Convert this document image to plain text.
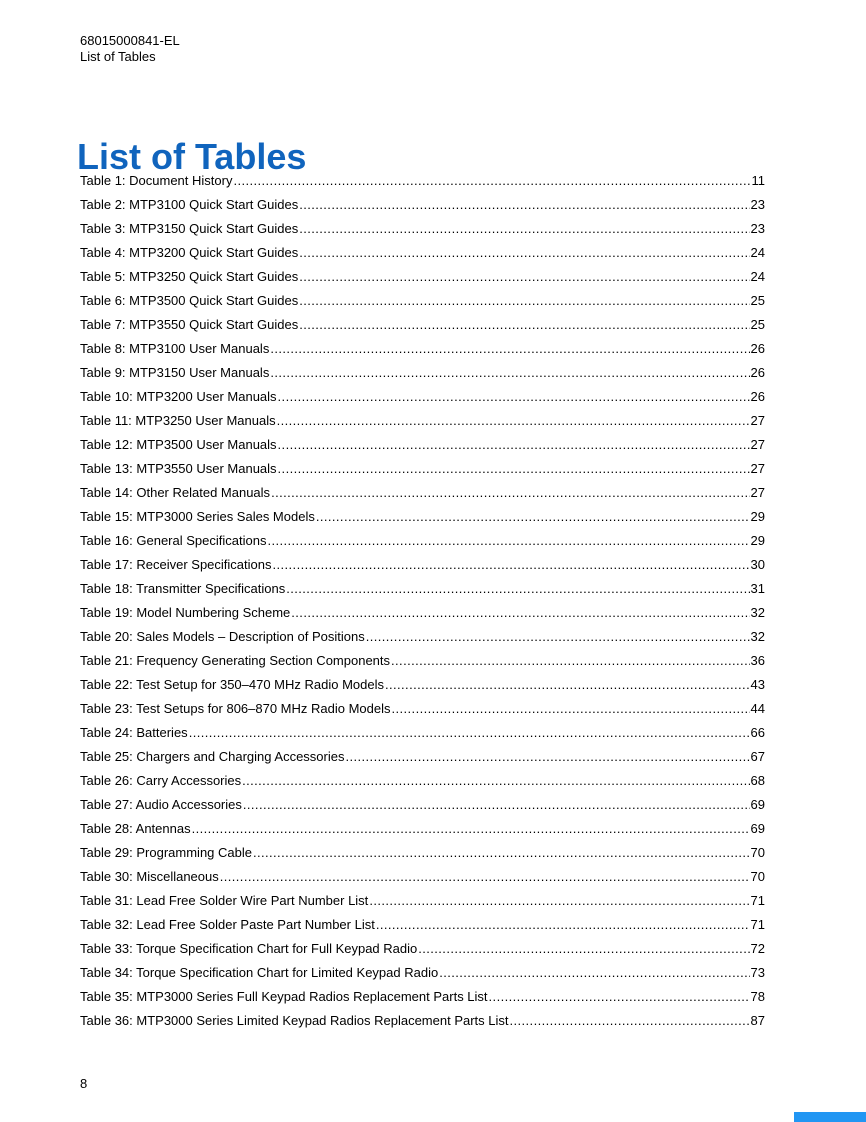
68015000841-EL
List of Tables
List of Tables
Table 1: Document History .....	11
Table 2: MTP3100 Quick Start Guides .....	23
Table 3: MTP3150 Quick Start Guides .....	23
Table 4: MTP3200 Quick Start Guides .....	24
Table 5: MTP3250 Quick Start Guides .....	24
Table 6: MTP3500 Quick Start Guides .....	25
Table 7: MTP3550 Quick Start Guides .....	25
Table 8: MTP3100 User Manuals .....	26
Table 9: MTP3150 User Manuals .....	26
Table 10: MTP3200 User Manuals .....	26
Table 11: MTP3250 User Manuals .....	27
Table 12: MTP3500 User Manuals .....	27
Table 13: MTP3550 User Manuals .....	27
Table 14: Other Related Manuals .....	27
Table 15: MTP3000 Series Sales Models .....	29
Table 16: General Specifications .....	29
Table 17: Receiver Specifications .....	30
Table 18: Transmitter Specifications .....	31
Table 19: Model Numbering Scheme .....	32
Table 20: Sales Models – Description of Positions .....	32
Table 21: Frequency Generating Section Components .....	36
Table 22: Test Setup for 350–470 MHz Radio Models .....	43
Table 23: Test Setups for 806–870 MHz Radio Models .....	44
Table 24: Batteries .....	66
Table 25: Chargers and Charging Accessories .....	67
Table 26: Carry Accessories .....	68
Table 27: Audio Accessories .....	69
Table 28: Antennas .....	69
Table 29: Programming Cable .....	70
Table 30: Miscellaneous .....	70
Table 31: Lead Free Solder Wire Part Number List .....	71
Table 32: Lead Free Solder Paste Part Number List .....	71
Table 33: Torque Specification Chart for Full Keypad Radio .....	72
Table 34: Torque Specification Chart for Limited Keypad Radio .....	73
Table 35: MTP3000 Series Full Keypad Radios Replacement Parts List .....	78
Table 36: MTP3000 Series Limited Keypad Radios Replacement Parts List .....	87
8
